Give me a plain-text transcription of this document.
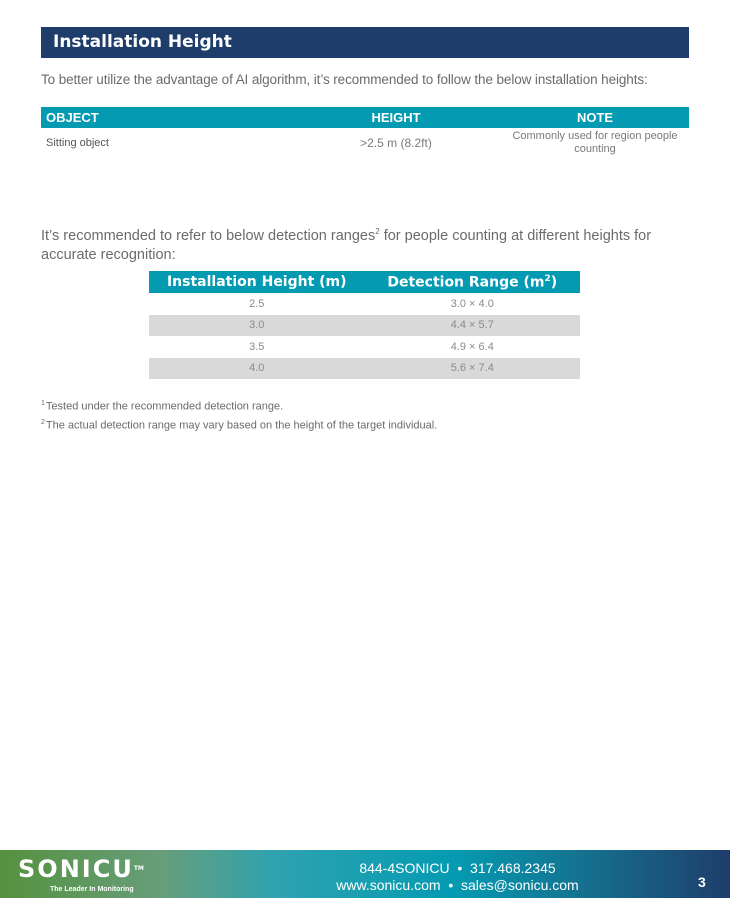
Installation Height
To better utilize the advantage of AI algorithm, it’s recommended to follow the below installation heights:
OBJECT	HEIGHT	NOTE
Sitting object	>2.5 m (8.2ft)	Commonly used for region people counting
It’s recommended to refer to below detection ranges$^2$ for people counting at different heights for accurate recognition:
Installation Height (m)	Detection Range $(m^2)$
2.5	3.0 × 4.0
3.0	4.4 × 5.7
3.5	4.9 × 6.4
4.0	5.6 × 7.4
$^1$Tested under the recommended detection range.
$^2$The actual detection range may vary based on the height of the target individual.
SONICU™
The Leader In Monitoring
844-4SONICU  •  317.468.2345
www.sonicu.com  •  sales@sonicu.com	3
